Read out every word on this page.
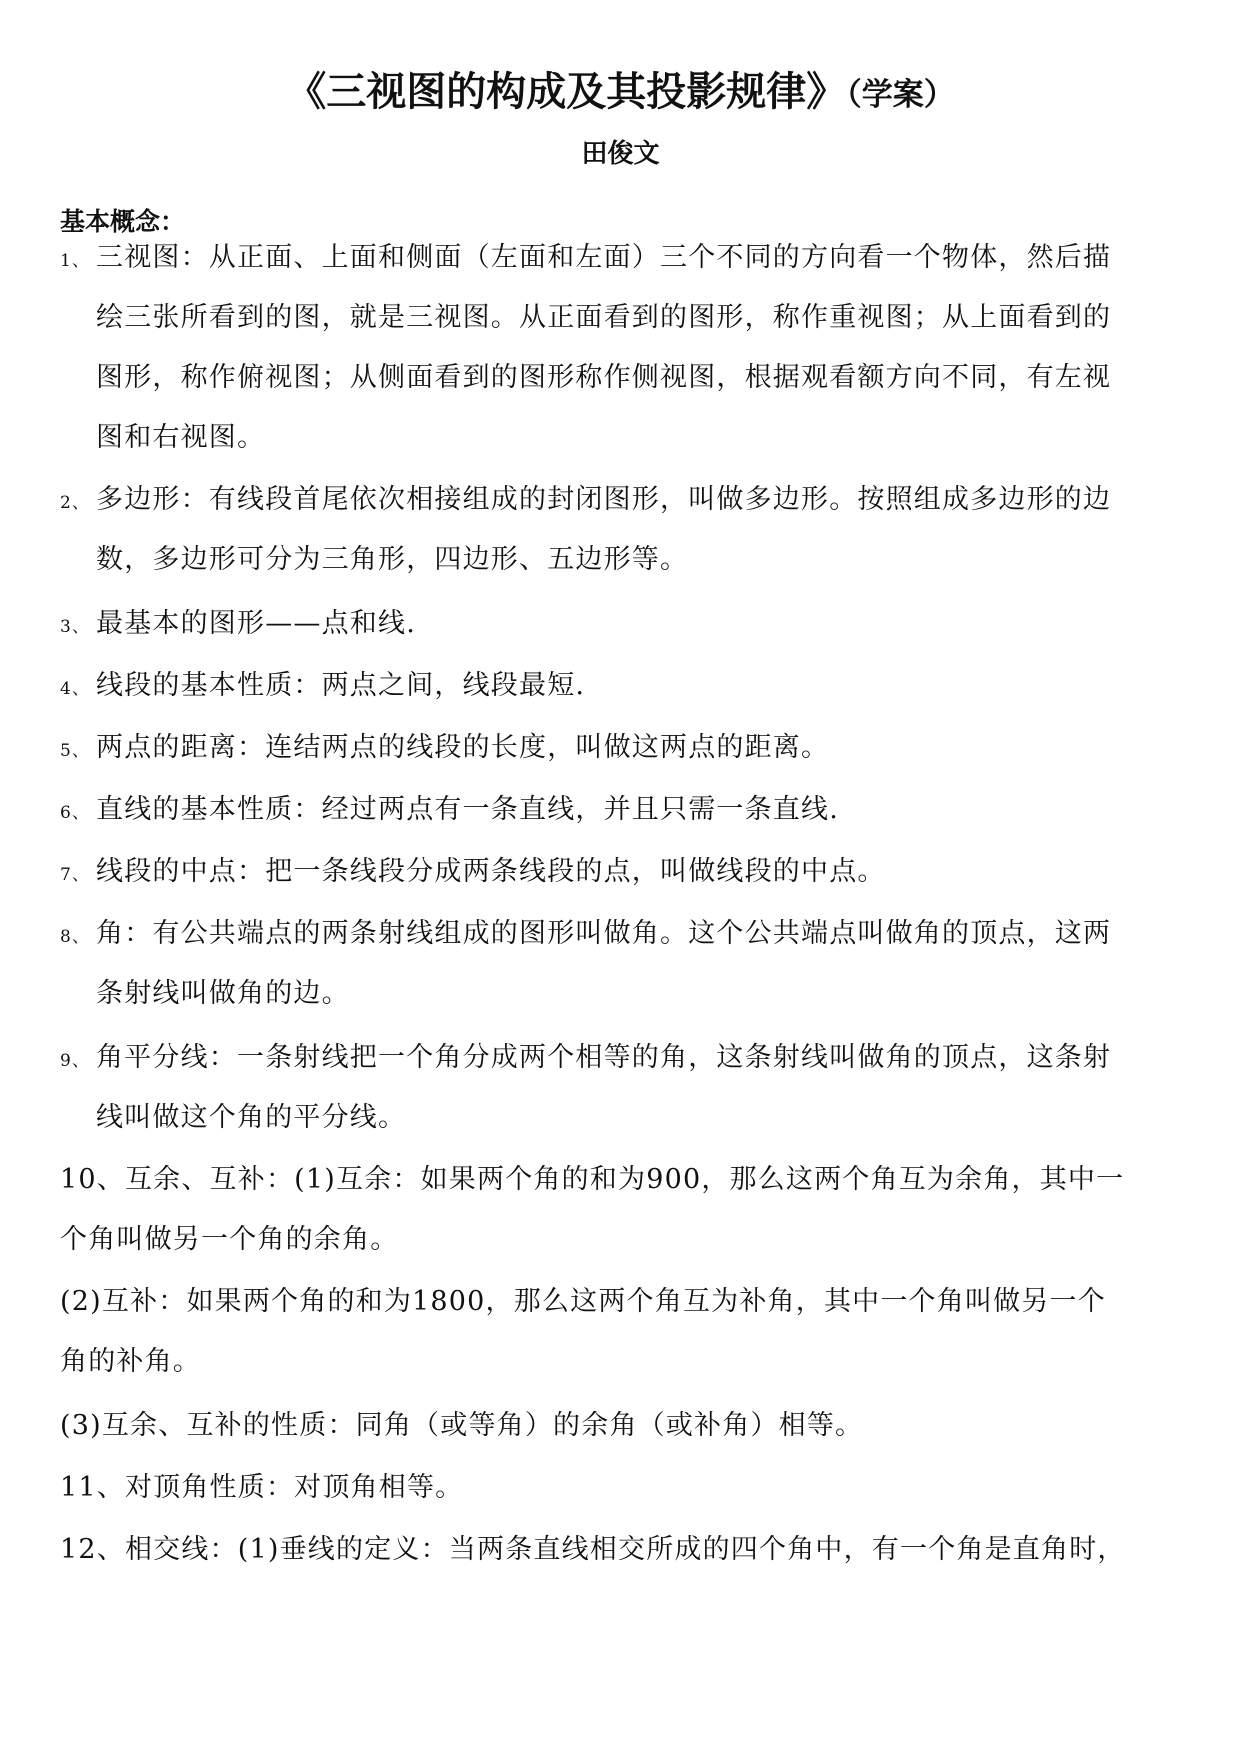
《三视图的构成及其投影规律》（学案）
田俊文
基本概念：
1、 三视图：从正面、上面和侧面（左面和左面）三个不同的方向看一个物体，然后描
绘三张所看到的图，就是三视图。从正面看到的图形，称作重视图；从上面看到的
图形，称作俯视图；从侧面看到的图形称作侧视图，根据观看额方向不同，有左视
图和右视图。
2、 多边形：有线段首尾依次相接组成的封闭图形，叫做多边形。按照组成多边形的边
数，多边形可分为三角形，四边形、五边形等。
3、 最基本的图形——点和线.
4、 线段的基本性质：两点之间，线段最短.
5、 两点的距离：连结两点的线段的长度，叫做这两点的距离。
6、 直线的基本性质：经过两点有一条直线，并且只需一条直线.
7、 线段的中点：把一条线段分成两条线段的点，叫做线段的中点。
8、 角：有公共端点的两条射线组成的图形叫做角。这个公共端点叫做角的顶点，这两
条射线叫做角的边。
9、 角平分线：一条射线把一个角分成两个相等的角，这条射线叫做角的顶点，这条射
线叫做这个角的平分线。
10、互余、互补：(1)互余：如果两个角的和为900，那么这两个角互为余角，其中一
个角叫做另一个角的余角。
(2)互补：如果两个角的和为1800，那么这两个角互为补角，其中一个角叫做另一个
角的补角。
(3)互余、互补的性质：同角（或等角）的余角（或补角）相等。
11、对顶角性质：对顶角相等。
12、相交线：(1)垂线的定义：当两条直线相交所成的四个角中，有一个角是直角时，
